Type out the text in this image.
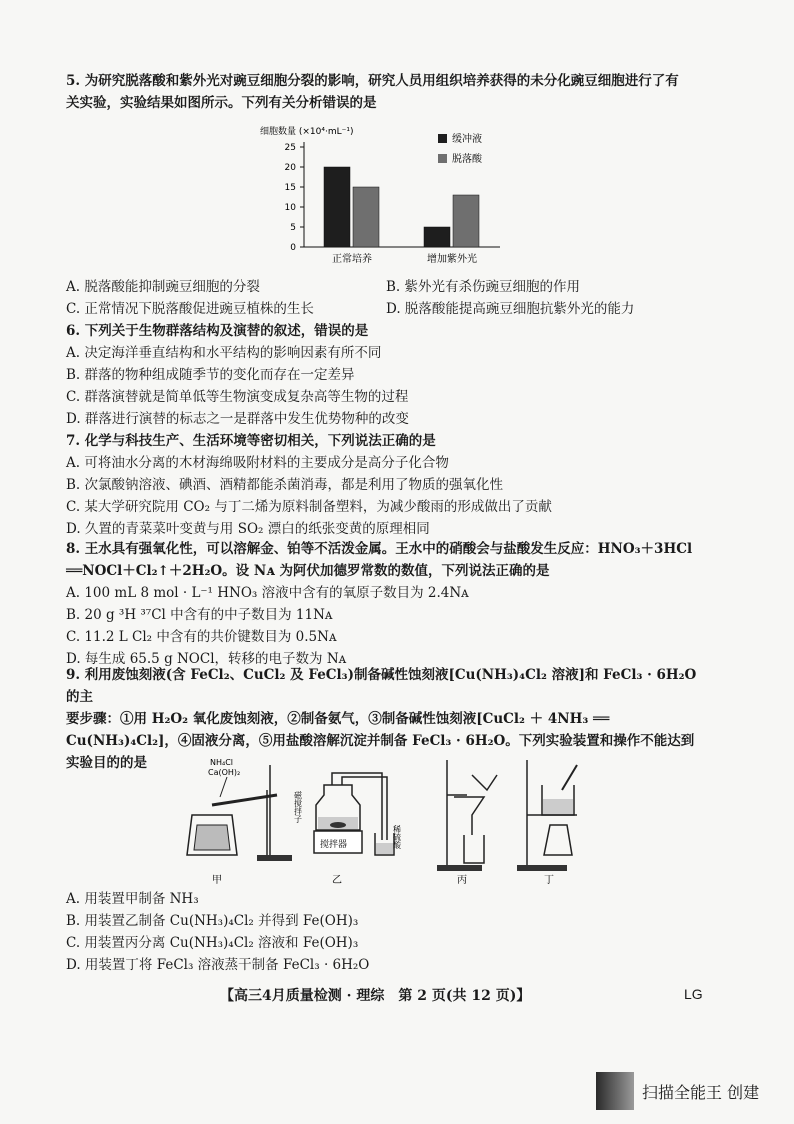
5. 为研究脱落酸和紫外光对豌豆细胞分裂的影响，研究人员用组织培养获得的未分化豌豆细胞进行了有
关实验，实验结果如图所示。下列有关分析错误的是
细胞数量 (×10⁴·mL⁻¹)
0
5
10
15
20
25
正常培养	增加紫外光
缓冲液
脱落酸
A. 脱落酸能抑制豌豆细胞的分裂	B. 紫外光有杀伤豌豆细胞的作用
C. 正常情况下脱落酸促进豌豆植株的生长	D. 脱落酸能提高豌豆细胞抗紫外光的能力
6. 下列关于生物群落结构及演替的叙述，错误的是
A. 决定海洋垂直结构和水平结构的影响因素有所不同
B. 群落的物种组成随季节的变化而存在一定差异
C. 群落演替就是简单低等生物演变成复杂高等生物的过程
D. 群落进行演替的标志之一是群落中发生优势物种的改变
7. 化学与科技生产、生活环境等密切相关，下列说法正确的是
A. 可将油水分离的木材海绵吸附材料的主要成分是高分子化合物
B. 次氯酸钠溶液、碘酒、酒精都能杀菌消毒，都是利用了物质的强氧化性
C. 某大学研究院用 CO₂ 与丁二烯为原料制备塑料，为减少酸雨的形成做出了贡献
D. 久置的青菜菜叶变黄与用 SO₂ 漂白的纸张变黄的原理相同
8. 王水具有强氧化性，可以溶解金、铂等不活泼金属。王水中的硝酸会与盐酸发生反应：HNO₃＋3HCl
══NOCl＋Cl₂↑＋2H₂O。设 Nᴀ 为阿伏加德罗常数的数值，下列说法正确的是
A. 100 mL 8 mol · L⁻¹ HNO₃ 溶液中含有的氧原子数目为 2.4Nᴀ
B. 20 g ³H ³⁷Cl 中含有的中子数目为 11Nᴀ
C. 11.2 L Cl₂ 中含有的共价键数目为 0.5Nᴀ
D. 每生成 65.5 g NOCl，转移的电子数为 Nᴀ
9. 利用废蚀刻液(含 FeCl₂、CuCl₂ 及 FeCl₃)制备碱性蚀刻液[Cu(NH₃)₄Cl₂ 溶液]和 FeCl₃ · 6H₂O 的主
要步骤：①用 H₂O₂ 氧化废蚀刻液，②制备氨气，③制备碱性蚀刻液[CuCl₂ ＋ 4NH₃ ══
Cu(NH₃)₄Cl₂]，④固液分离，⑤用盐酸溶解沉淀并制备 FeCl₃ · 6H₂O。下列实验装置和操作不能达到
实验目的的是	NH₄Cl
Ca(OH)₂
搅拌器
磁搅拌子
稀硫酸
甲	乙	丙	丁
A. 用装置甲制备 NH₃
B. 用装置乙制备 Cu(NH₃)₄Cl₂ 并得到 Fe(OH)₃
C. 用装置丙分离 Cu(NH₃)₄Cl₂ 溶液和 Fe(OH)₃
D. 用装置丁将 FeCl₃ 溶液蒸干制备 FeCl₃ · 6H₂O
【高三4月质量检测 · 理综　第 2 页(共 12 页)】	LG
扫描全能王 创建
